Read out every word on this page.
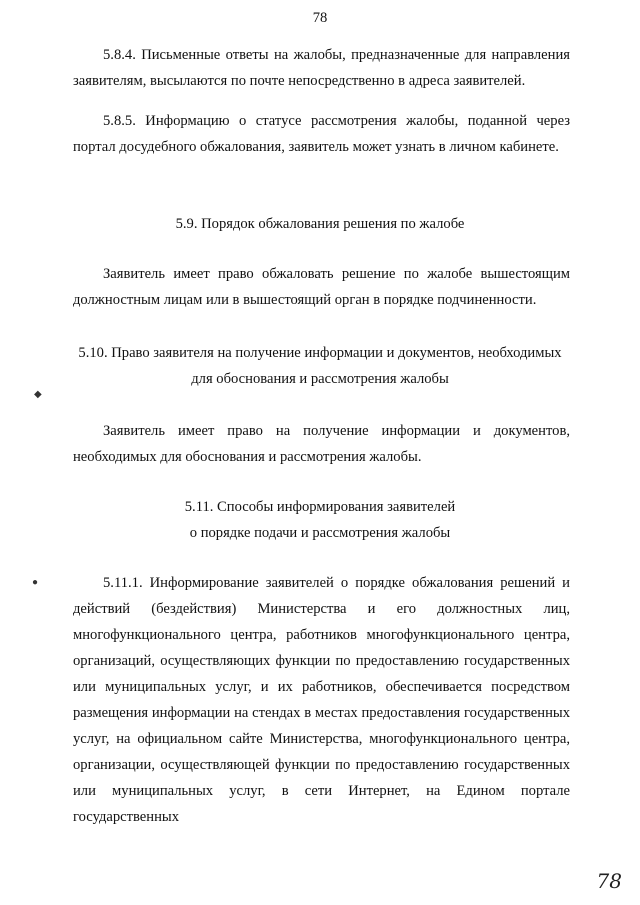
78

5.8.4. Письменные ответы на жалобы, предназначенные для направления заявителям, высылаются по почте непосредственно в адреса заявителей.

5.8.5. Информацию о статусе рассмотрения жалобы, поданной через портал досудебного обжалования, заявитель может узнать в личном кабинете.

5.9. Порядок обжалования решения по жалобе

Заявитель имеет право обжаловать решение по жалобе вышестоящим должностным лицам или в вышестоящий орган в порядке подчиненности.

5.10. Право заявителя на получение информации и документов, необходимых
для обоснования и рассмотрения жалобы

Заявитель имеет право на получение информации и документов, необходимых для обоснования и рассмотрения жалобы.

5.11. Способы информирования заявителей
о порядке подачи и рассмотрения жалобы

5.11.1. Информирование заявителей о порядке обжалования решений и действий (бездействия) Министерства и его должностных лиц, многофункционального центра, работников многофункционального центра, организаций, осуществляющих функции по предоставлению государственных или муниципальных услуг, и их работников, обеспечивается посредством размещения информации на стендах в местах предоставления государственных услуг, на официальном сайте Министерства, многофункционального центра, организации, осуществляющей функции по предоставлению государственных или муниципальных услуг, в сети Интернет, на Едином портале государственных

◆
●
78
